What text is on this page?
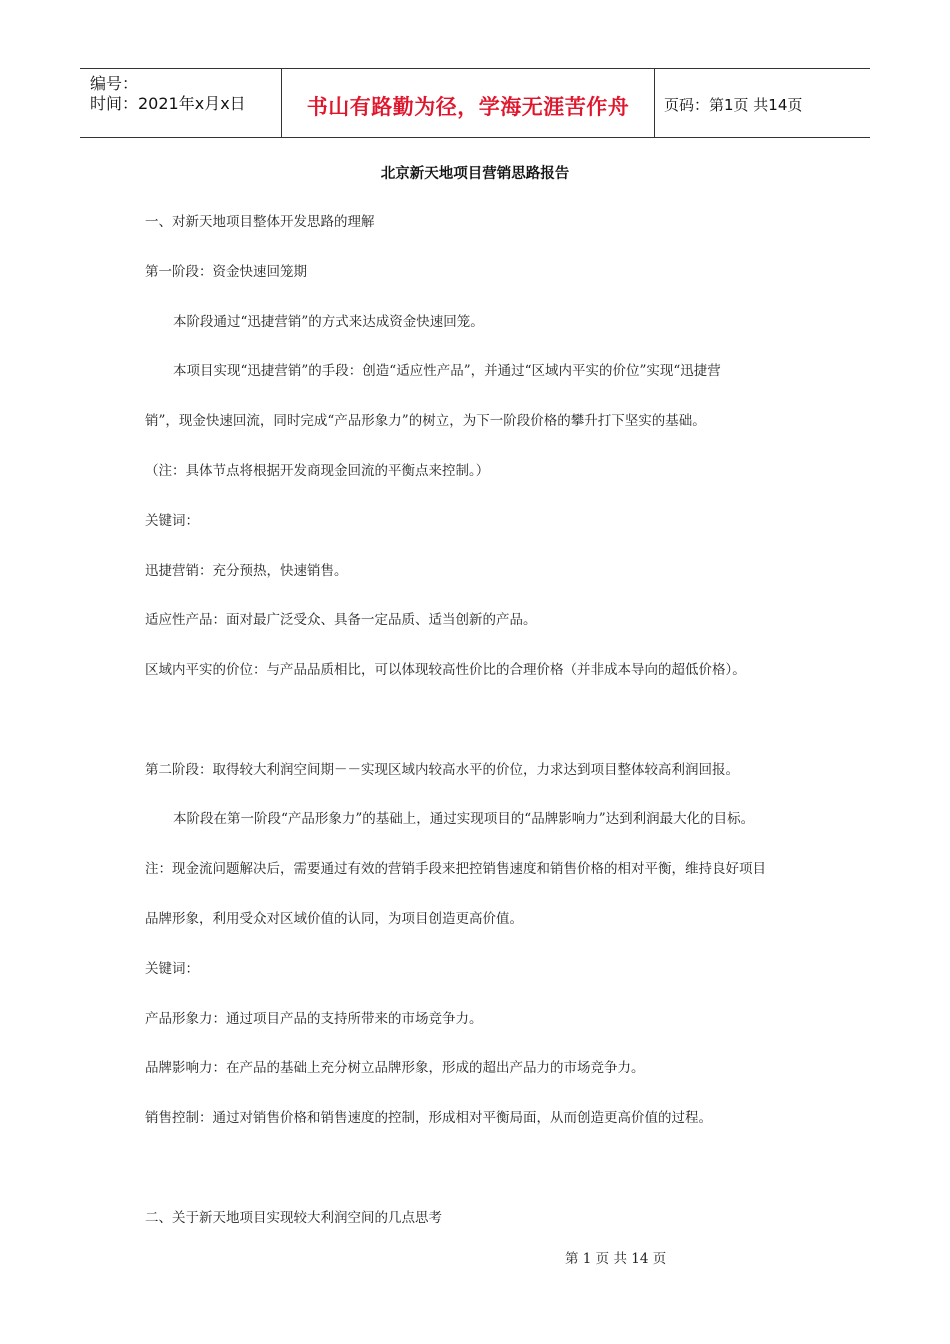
编号：
时间：2021年x月x日	书山有路勤为径，学海无涯苦作舟	页码：第1页 共14页
北京新天地项目营销思路报告
一、对新天地项目整体开发思路的理解
第一阶段：资金快速回笼期
本阶段通过“迅捷营销”的方式来达成资金快速回笼。
本项目实现“迅捷营销”的手段：创造“适应性产品”，并通过“区域内平实的价位”实现“迅捷营
销”，现金快速回流，同时完成“产品形象力”的树立，为下一阶段价格的攀升打下坚实的基础。
（注：具体节点将根据开发商现金回流的平衡点来控制。）
关键词：
迅捷营销：充分预热，快速销售。
适应性产品：面对最广泛受众、具备一定品质、适当创新的产品。
区域内平实的价位：与产品品质相比，可以体现较高性价比的合理价格（并非成本导向的超低价格）。
第二阶段：取得较大利润空间期－－实现区域内较高水平的价位，力求达到项目整体较高利润回报。
本阶段在第一阶段“产品形象力”的基础上，通过实现项目的“品牌影响力”达到利润最大化的目标。
注：现金流问题解决后，需要通过有效的营销手段来把控销售速度和销售价格的相对平衡，维持良好项目
品牌形象，利用受众对区域价值的认同，为项目创造更高价值。
关键词：
产品形象力：通过项目产品的支持所带来的市场竞争力。
品牌影响力：在产品的基础上充分树立品牌形象，形成的超出产品力的市场竞争力。
销售控制：通过对销售价格和销售速度的控制，形成相对平衡局面，从而创造更高价值的过程。
二、关于新天地项目实现较大利润空间的几点思考
第 1 页 共 14 页
